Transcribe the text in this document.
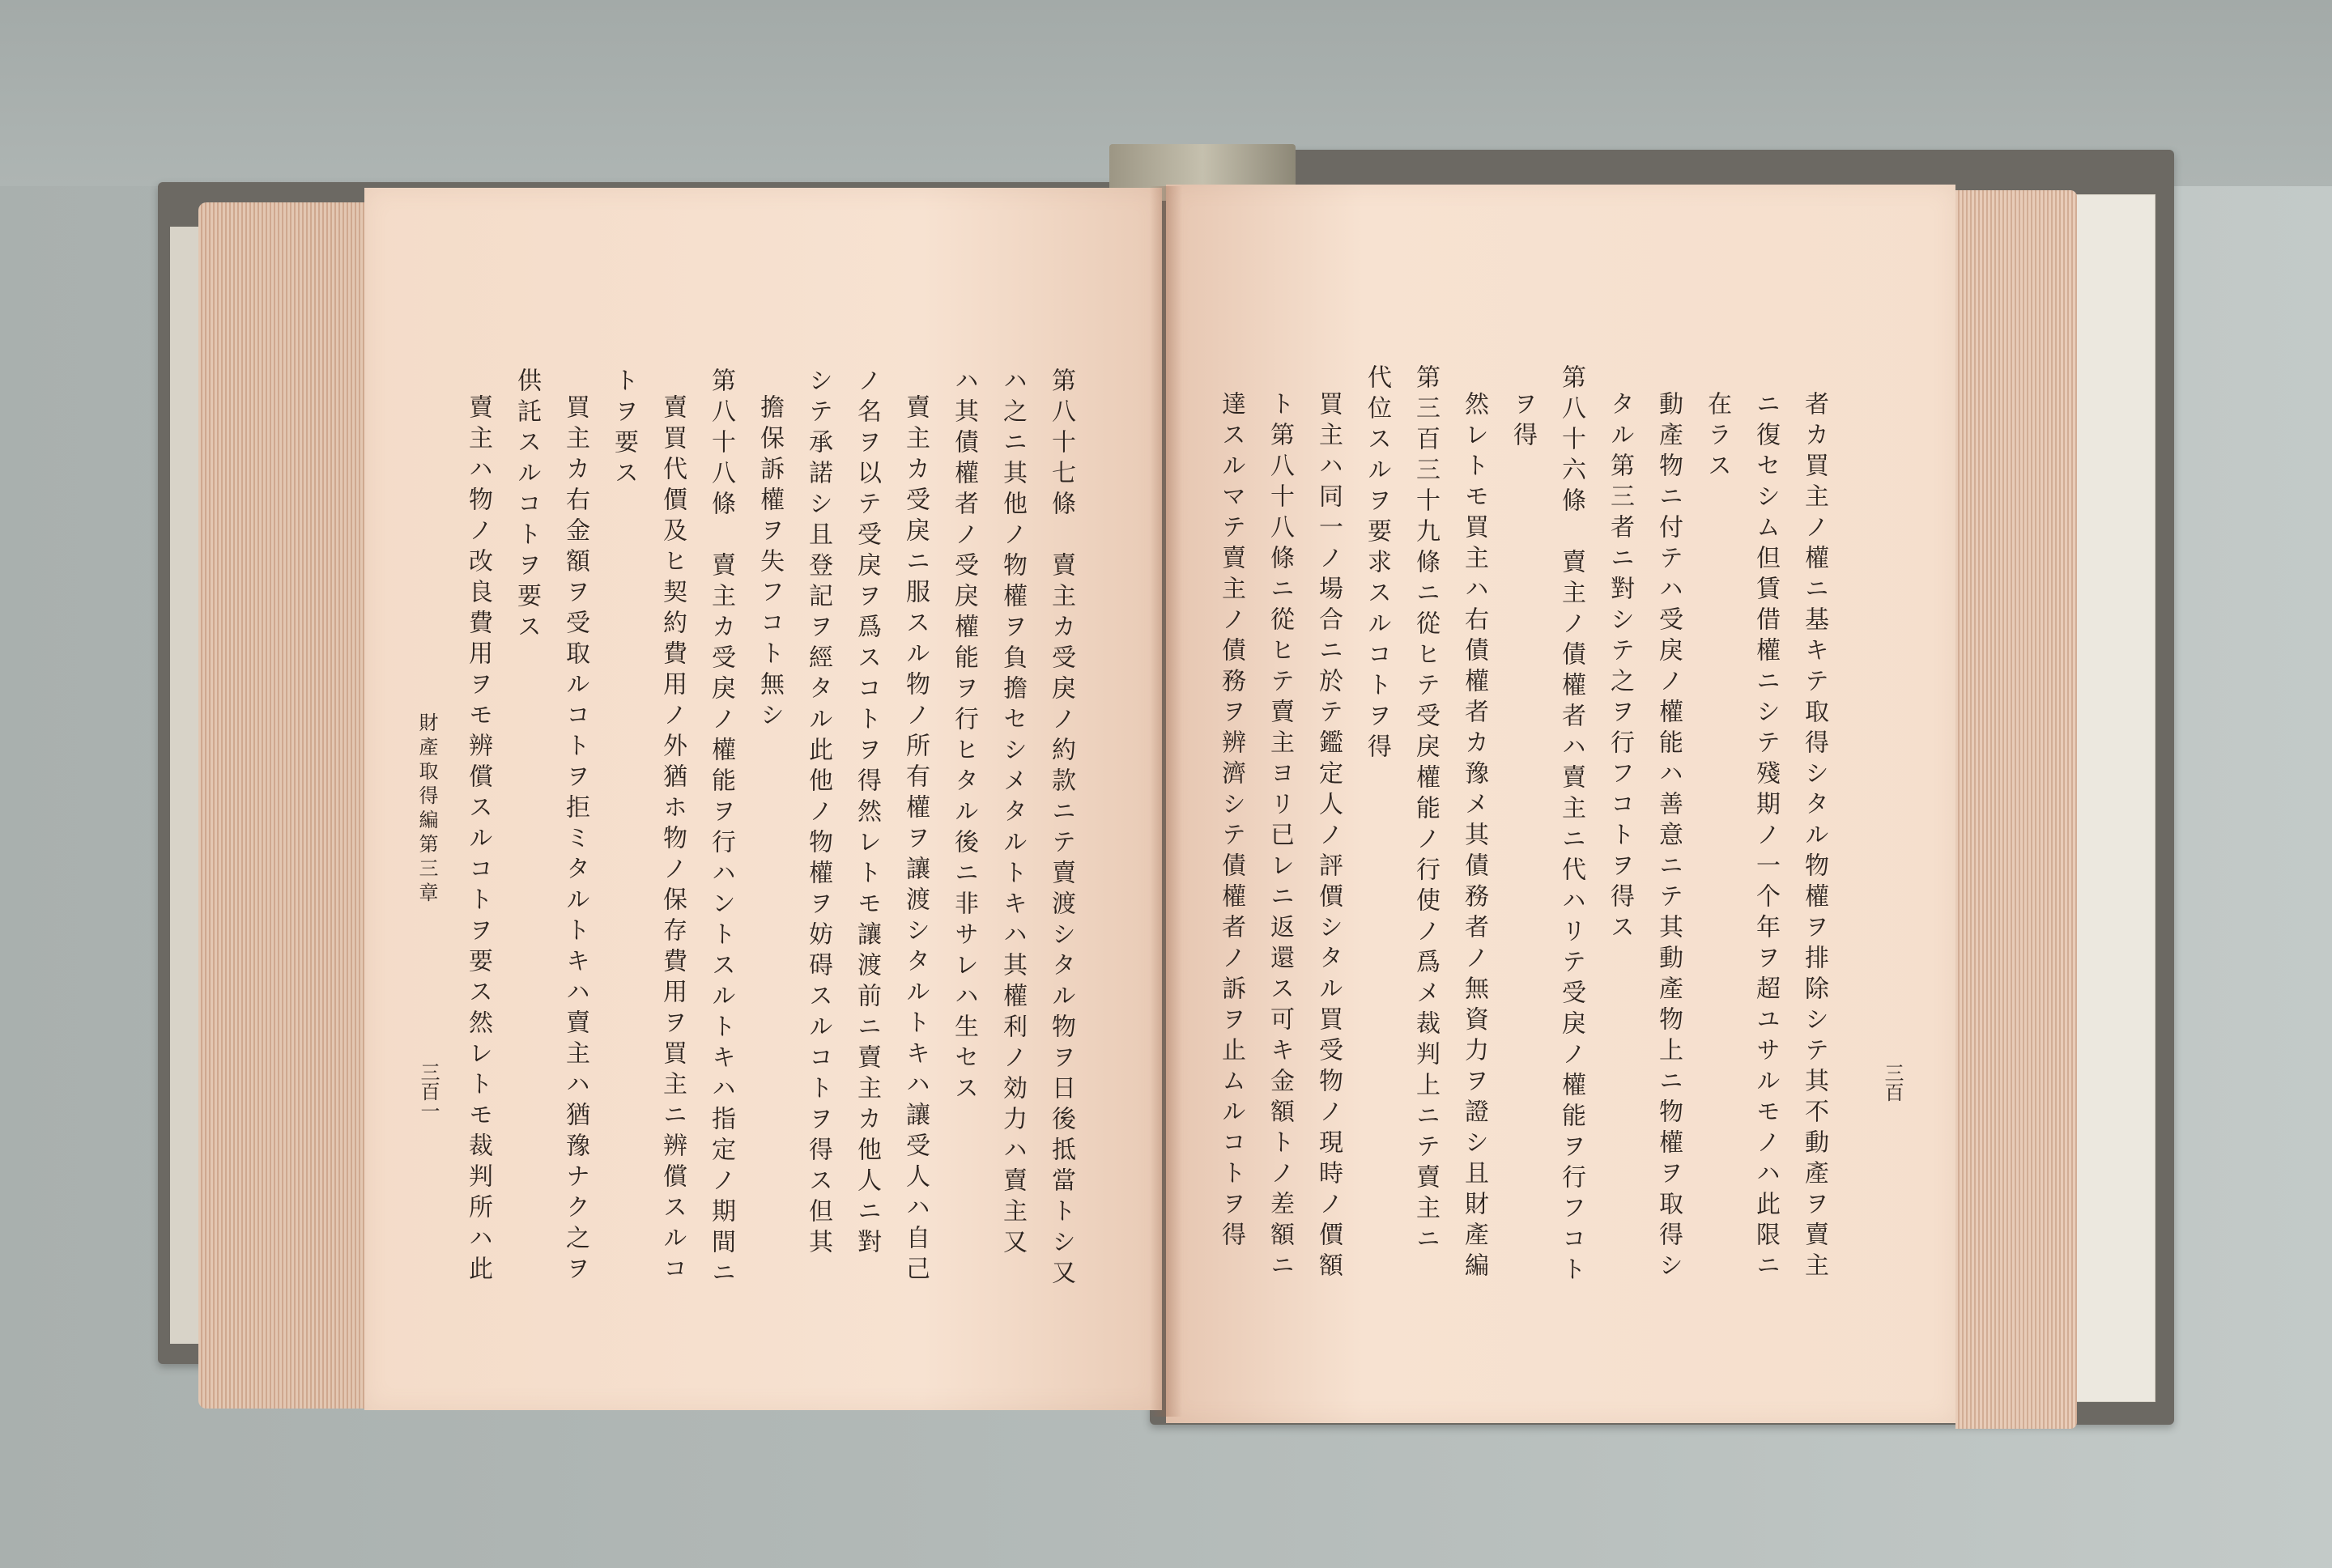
第八十七條　賣主カ受戾ノ約款ニテ賣渡シタル物ヲ日後抵當トシ又
ハ之ニ其他ノ物權ヲ負擔セシメタルトキハ其權利ノ効力ハ賣主又
ハ其債權者ノ受戾權能ヲ行ヒタル後ニ非サレハ生セス
賣主カ受戾ニ服スル物ノ所有權ヲ讓渡シタルトキハ讓受人ハ自己
ノ名ヲ以テ受戾ヲ爲スコトヲ得然レトモ讓渡前ニ賣主カ他人ニ對
シテ承諾シ且登記ヲ經タル此他ノ物權ヲ妨碍スルコトヲ得ス但其
擔保訴權ヲ失フコト無シ
第八十八條　賣主カ受戾ノ權能ヲ行ハントスルトキハ指定ノ期間ニ
賣買代價及ヒ契約費用ノ外猶ホ物ノ保存費用ヲ買主ニ辨償スルコ
トヲ要ス
買主カ右金額ヲ受取ルコトヲ拒ミタルトキハ賣主ハ猶豫ナク之ヲ
供託スルコトヲ要ス
賣主ハ物ノ改良費用ヲモ辨償スルコトヲ要ス然レトモ裁判所ハ此
財產取得編第三章
三百一	者カ買主ノ權ニ基キテ取得シタル物權ヲ排除シテ其不動產ヲ賣主
ニ復セシム但賃借權ニシテ殘期ノ一个年ヲ超ユサルモノハ此限ニ
在ラス
動產物ニ付テハ受戾ノ權能ハ善意ニテ其動產物上ニ物權ヲ取得シ
タル第三者ニ對シテ之ヲ行フコトヲ得ス
第八十六條　賣主ノ債權者ハ賣主ニ代ハリテ受戾ノ權能ヲ行フコト
ヲ得
然レトモ買主ハ右債權者カ豫メ其債務者ノ無資力ヲ證シ且財產編
第三百三十九條ニ從ヒテ受戾權能ノ行使ノ爲メ裁判上ニテ賣主ニ
代位スルヲ要求スルコトヲ得
買主ハ同一ノ場合ニ於テ鑑定人ノ評價シタル買受物ノ現時ノ價額
ト第八十八條ニ從ヒテ賣主ヨリ已レニ返還ス可キ金額トノ差額ニ
達スルマテ賣主ノ債務ヲ辨濟シテ債權者ノ訴ヲ止ムルコトヲ得	三百
